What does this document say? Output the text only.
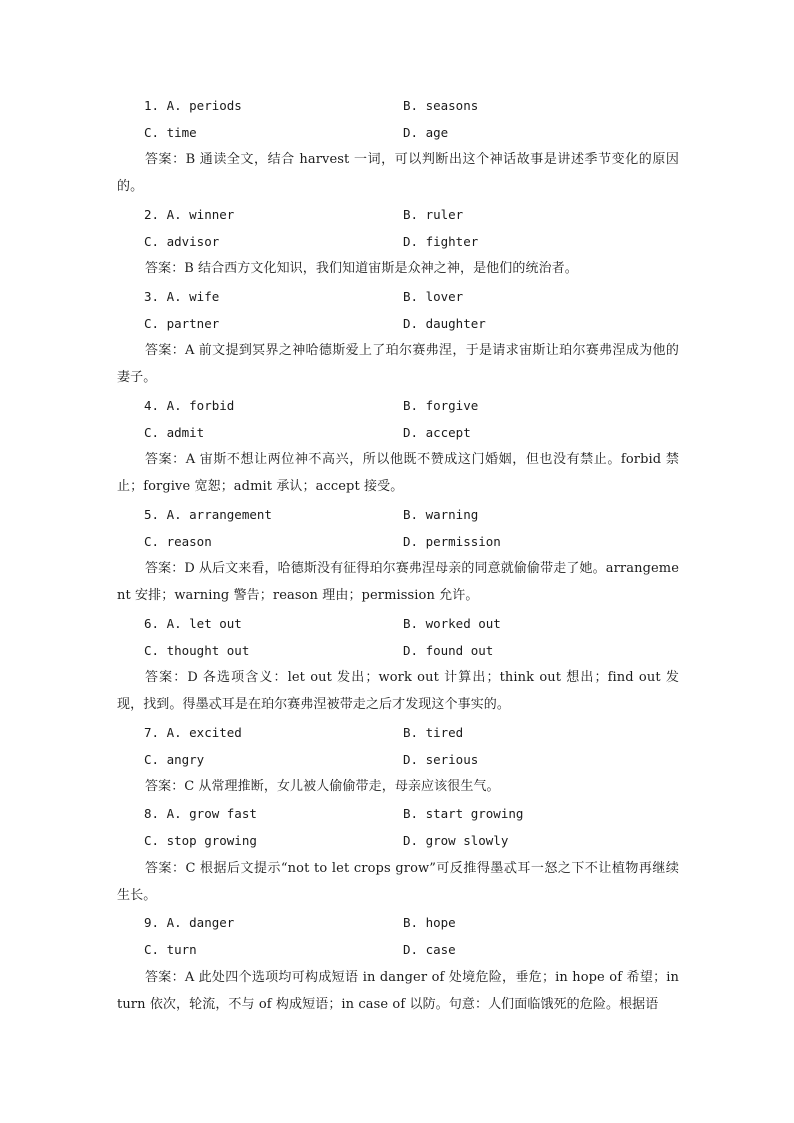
1. A. periods	B. seasons
C. time	D. age
答案：B 通读全文，结合 harvest 一词，可以判断出这个神话故事是讲述季节变化的原因的。
2. A. winner	B. ruler
C. advisor	D. fighter
答案：B 结合西方文化知识，我们知道宙斯是众神之神，是他们的统治者。
3. A. wife	B. lover
C. partner	D. daughter
答案：A 前文提到冥界之神哈德斯爱上了珀尔赛弗涅，于是请求宙斯让珀尔赛弗涅成为他的妻子。
4. A. forbid	B. forgive
C. admit	D. accept
答案：A 宙斯不想让两位神不高兴，所以他既不赞成这门婚姻，但也没有禁止。forbid 禁止；forgive 宽恕；admit 承认；accept 接受。
5. A. arrangement	B. warning
C. reason	D. permission
答案：D 从后文来看，哈德斯没有征得珀尔赛弗涅母亲的同意就偷偷带走了她。arrangement 安排；warning 警告；reason 理由；permission 允许。
6. A. let out	B. worked out
C. thought out	D. found out
答案：D 各选项含义：let out 发出；work out 计算出；think out 想出；find out 发现，找到。得墨忒耳是在珀尔赛弗涅被带走之后才发现这个事实的。
7. A. excited	B. tired
C. angry	D. serious
答案：C 从常理推断，女儿被人偷偷带走，母亲应该很生气。
8. A. grow fast	B. start growing
C. stop growing	D. grow slowly
答案：C 根据后文提示“not to let crops grow”可反推得墨忒耳一怒之下不让植物再继续生长。
9. A. danger	B. hope
C. turn	D. case
答案：A 此处四个选项均可构成短语 in danger of 处境危险，垂危；in hope of 希望；in turn 依次，轮流，不与 of 构成短语；in case of 以防。句意：人们面临饿死的危险。根据语
